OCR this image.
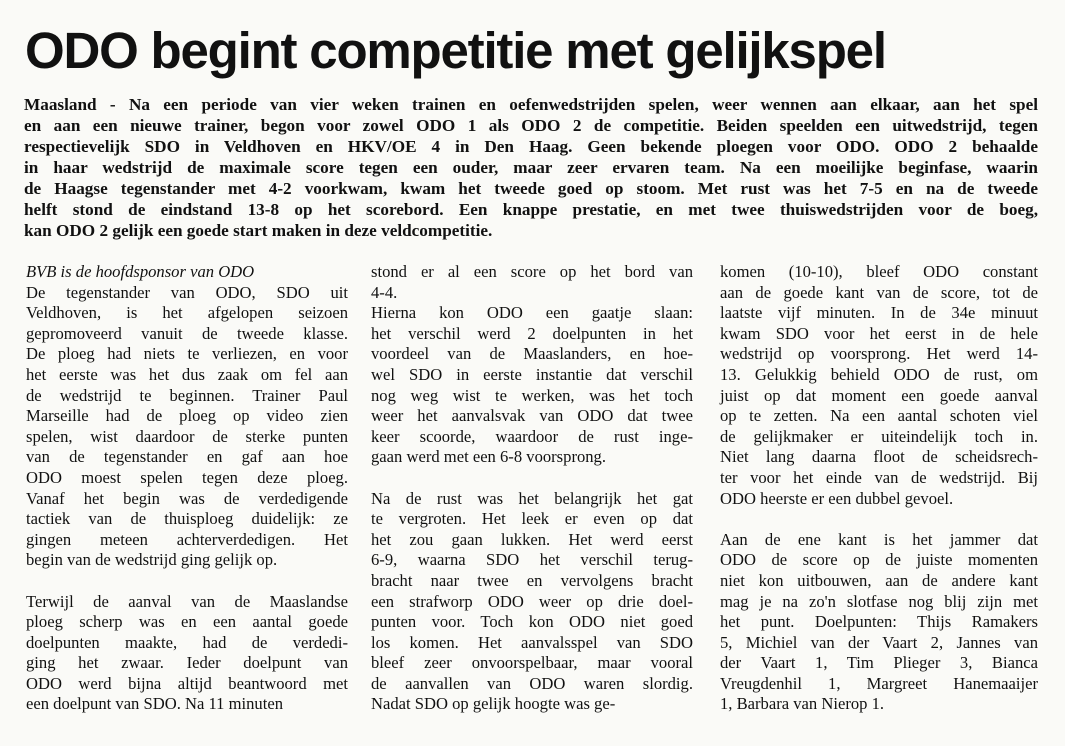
ODO begint competitie met gelijkspel
Maasland - Na een periode van vier weken trainen en oefenwedstrijden spelen, weer wennen aan elkaar, aan het spel
en aan een nieuwe trainer, begon voor zowel ODO 1 als ODO 2 de competitie. Beiden speelden een uitwedstrijd, tegen
respectievelijk SDO in Veldhoven en HKV/OE 4 in Den Haag. Geen bekende ploegen voor ODO. ODO 2 behaalde
in haar wedstrijd de maximale score tegen een ouder, maar zeer ervaren team. Na een moeilijke beginfase, waarin
de Haagse tegenstander met 4-2 voorkwam, kwam het tweede goed op stoom. Met rust was het 7-5 en na de tweede
helft stond de eindstand 13-8 op het scorebord. Een knappe prestatie, en met twee thuiswedstrijden voor de boeg,
kan ODO 2 gelijk een goede start maken in deze veldcompetitie.
BVB is de hoofdsponsor van ODO
De tegenstander van ODO, SDO uit
Veldhoven, is het afgelopen seizoen
gepromoveerd vanuit de tweede klasse.
De ploeg had niets te verliezen, en voor
het eerste was het dus zaak om fel aan
de wedstrijd te beginnen. Trainer Paul
Marseille had de ploeg op video zien
spelen, wist daardoor de sterke punten
van de tegenstander en gaf aan hoe
ODO moest spelen tegen deze ploeg.
Vanaf het begin was de verdedigende
tactiek van de thuisploeg duidelijk: ze
gingen meteen achterverdedigen. Het
begin van de wedstrijd ging gelijk op.
Terwijl de aanval van de Maaslandse
ploeg scherp was en een aantal goede
doelpunten maakte, had de verdedi-
ging het zwaar. Ieder doelpunt van
ODO werd bijna altijd beantwoord met
een doelpunt van SDO. Na 11 minuten
stond er al een score op het bord van
4-4.
Hierna kon ODO een gaatje slaan:
het verschil werd 2 doelpunten in het
voordeel van de Maaslanders, en hoe-
wel SDO in eerste instantie dat verschil
nog weg wist te werken, was het toch
weer het aanvalsvak van ODO dat twee
keer scoorde, waardoor de rust inge-
gaan werd met een 6-8 voorsprong.
Na de rust was het belangrijk het gat
te vergroten. Het leek er even op dat
het zou gaan lukken. Het werd eerst
6-9, waarna SDO het verschil terug-
bracht naar twee en vervolgens bracht
een strafworp ODO weer op drie doel-
punten voor. Toch kon ODO niet goed
los komen. Het aanvalsspel van SDO
bleef zeer onvoorspelbaar, maar vooral
de aanvallen van ODO waren slordig.
Nadat SDO op gelijk hoogte was ge-
komen (10-10), bleef ODO constant
aan de goede kant van de score, tot de
laatste vijf minuten. In de 34e minuut
kwam SDO voor het eerst in de hele
wedstrijd op voorsprong. Het werd 14-
13. Gelukkig behield ODO de rust, om
juist op dat moment een goede aanval
op te zetten. Na een aantal schoten viel
de gelijkmaker er uiteindelijk toch in.
Niet lang daarna floot de scheidsrech-
ter voor het einde van de wedstrijd. Bij
ODO heerste er een dubbel gevoel.
Aan de ene kant is het jammer dat
ODO de score op de juiste momenten
niet kon uitbouwen, aan de andere kant
mag je na zo'n slotfase nog blij zijn met
het punt. Doelpunten: Thijs Ramakers
5, Michiel van der Vaart 2, Jannes van
der Vaart 1, Tim Plieger 3, Bianca
Vreugdenhil 1, Margreet Hanemaaijer
1, Barbara van Nierop 1.
